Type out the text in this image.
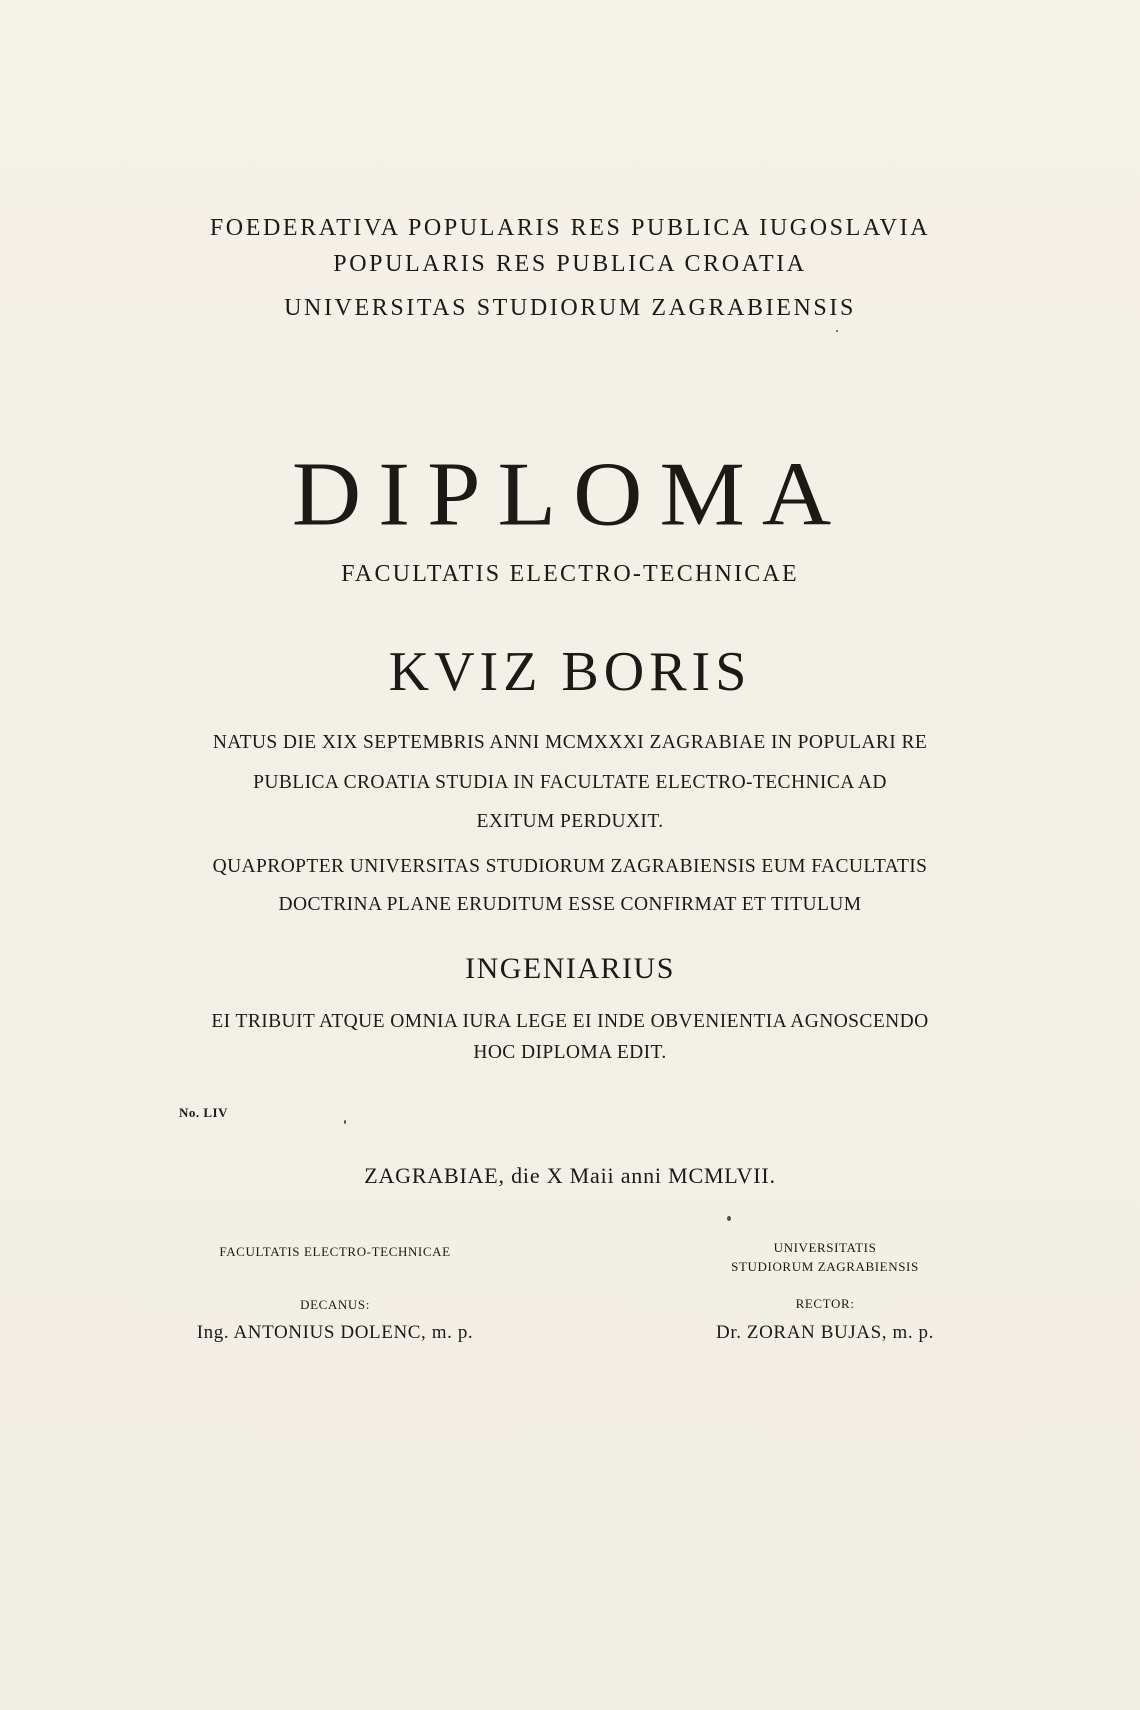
FOEDERATIVA POPULARIS RES PUBLICA IUGOSLAVIA
POPULARIS RES PUBLICA CROATIA
UNIVERSITAS STUDIORUM ZAGRABIENSIS
DIPLOMA
FACULTATIS ELECTRO-TECHNICAE
KVIZ BORIS
NATUS DIE XIX SEPTEMBRIS ANNI MCMXXXI ZAGRABIAE IN POPULARI RE
PUBLICA CROATIA STUDIA IN FACULTATE ELECTRO-TECHNICA AD
EXITUM PERDUXIT.
QUAPROPTER UNIVERSITAS STUDIORUM ZAGRABIENSIS EUM FACULTATIS
DOCTRINA PLANE ERUDITUM ESSE CONFIRMAT ET TITULUM
INGENIARIUS
EI TRIBUIT ATQUE OMNIA IURA LEGE EI INDE OBVENIENTIA AGNOSCENDO
HOC DIPLOMA EDIT.
No. LIV
ZAGRABIAE, die X Maii anni MCMLVII.
FACULTATIS ELECTRO-TECHNICAE
DECANUS:
Ing. ANTONIUS DOLENC, m. p.
UNIVERSITATIS
STUDIORUM ZAGRABIENSIS
RECTOR:
Dr. ZORAN BUJAS, m. p.
